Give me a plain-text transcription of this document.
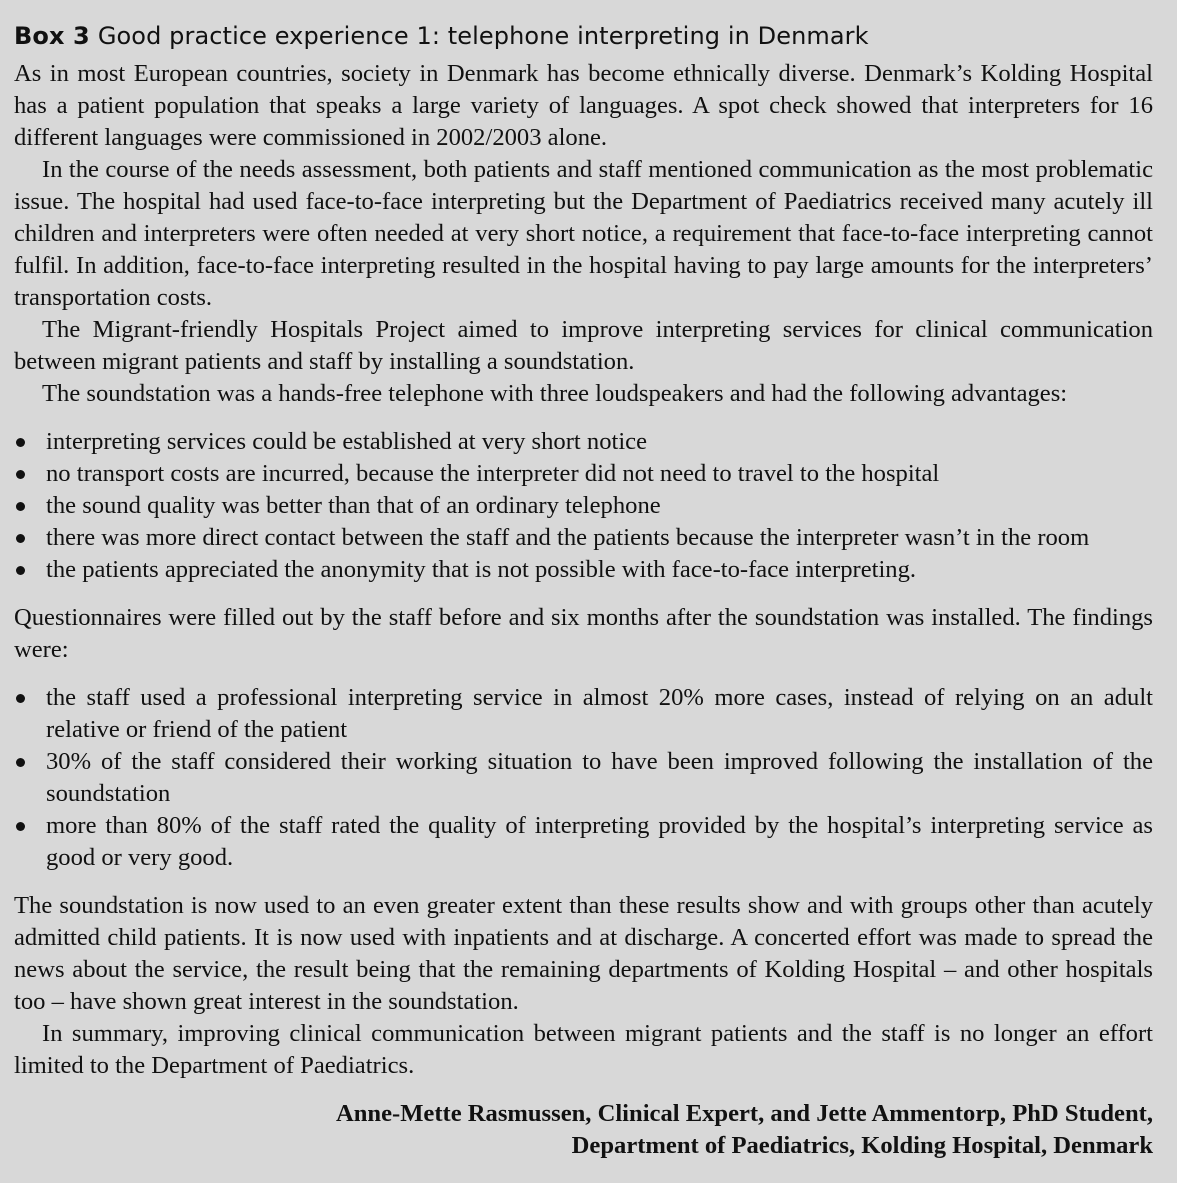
Box 3 Good practice experience 1: telephone interpreting in Denmark

As in most European countries, society in Denmark has become ethnically diverse. Denmark’s Kolding Hospital has a patient population that speaks a large variety of languages. A spot check showed that interpreters for 16 different languages were commissioned in 2002/2003 alone.

In the course of the needs assessment, both patients and staff mentioned communication as the most problematic issue. The hospital had used face-to-face interpreting but the Department of Paediatrics received many acutely ill children and interpreters were often needed at very short notice, a requirement that face-to-face interpreting cannot fulfil. In addition, face-to-face interpreting resulted in the hospital having to pay large amounts for the interpreters’ transportation costs.

The Migrant-friendly Hospitals Project aimed to improve interpreting services for clinical communication between migrant patients and staff by installing a soundstation.

The soundstation was a hands-free telephone with three loudspeakers and had the following advantages:

interpreting services could be established at very short notice
no transport costs are incurred, because the interpreter did not need to travel to the hospital
the sound quality was better than that of an ordinary telephone
there was more direct contact between the staff and the patients because the interpreter wasn’t in the room
the patients appreciated the anonymity that is not possible with face-to-face interpreting.

Questionnaires were filled out by the staff before and six months after the soundstation was installed. The findings were:

the staff used a professional interpreting service in almost 20% more cases, instead of relying on an adult relative or friend of the patient
30% of the staff considered their working situation to have been improved following the installation of the soundstation
more than 80% of the staff rated the quality of interpreting provided by the hospital’s interpreting service as good or very good.

The soundstation is now used to an even greater extent than these results show and with groups other than acutely admitted child patients. It is now used with inpatients and at discharge. A concerted effort was made to spread the news about the service, the result being that the remaining departments of Kolding Hospital – and other hospitals too – have shown great interest in the soundstation.

In summary, improving clinical communication between migrant patients and the staff is no longer an effort limited to the Department of Paediatrics.

Anne-Mette Rasmussen, Clinical Expert, and Jette Ammentorp, PhD Student,
Department of Paediatrics, Kolding Hospital, Denmark
